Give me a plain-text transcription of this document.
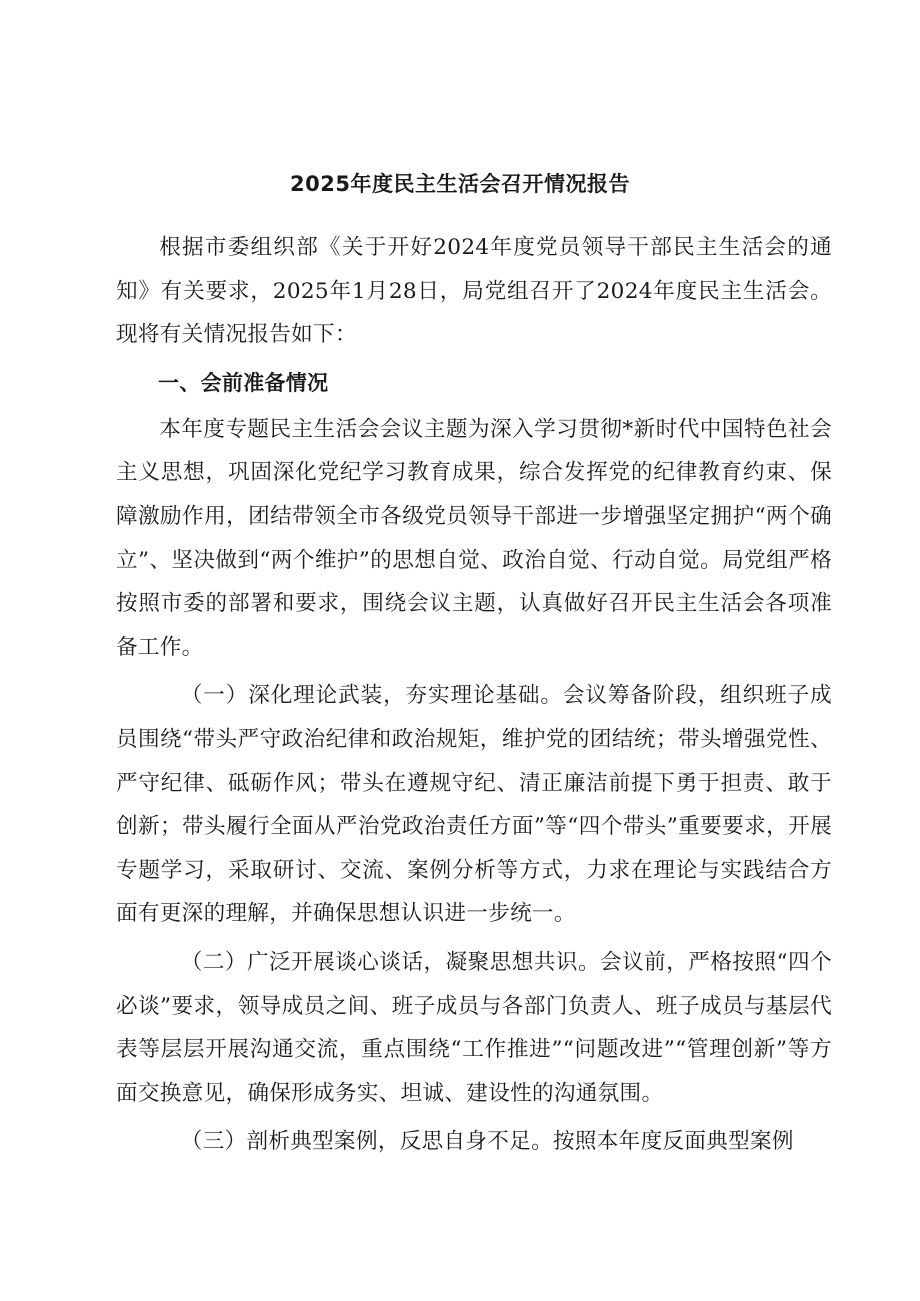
2025年度民主生活会召开情况报告

根据市委组织部《关于开好2024年度党员领导干部民主生活会的通知》有关要求，2025年1月28日，局党组召开了2024年度民主生活会。现将有关情况报告如下：

一、会前准备情况

本年度专题民主生活会会议主题为深入学习贯彻*新时代中国特色社会主义思想，巩固深化党纪学习教育成果，综合发挥党的纪律教育约束、保障激励作用，团结带领全市各级党员领导干部进一步增强坚定拥护“两个确立”、坚决做到“两个维护”的思想自觉、政治自觉、行动自觉。局党组严格按照市委的部署和要求，围绕会议主题，认真做好召开民主生活会各项准备工作。

（一）深化理论武装，夯实理论基础。会议筹备阶段，组织班子成员围绕“带头严守政治纪律和政治规矩，维护党的团结统；带头增强党性、严守纪律、砥砺作风；带头在遵规守纪、清正廉洁前提下勇于担责、敢于创新；带头履行全面从严治党政治责任方面”等“四个带头”重要要求，开展专题学习，采取研讨、交流、案例分析等方式，力求在理论与实践结合方面有更深的理解，并确保思想认识进一步统一。

（二）广泛开展谈心谈话，凝聚思想共识。会议前，严格按照“四个必谈”要求，领导成员之间、班子成员与各部门负责人、班子成员与基层代表等层层开展沟通交流，重点围绕“工作推进”“问题改进”“管理创新”等方面交换意见，确保形成务实、坦诚、建设性的沟通氛围。

（三）剖析典型案例，反思自身不足。按照本年度反面典型案例
